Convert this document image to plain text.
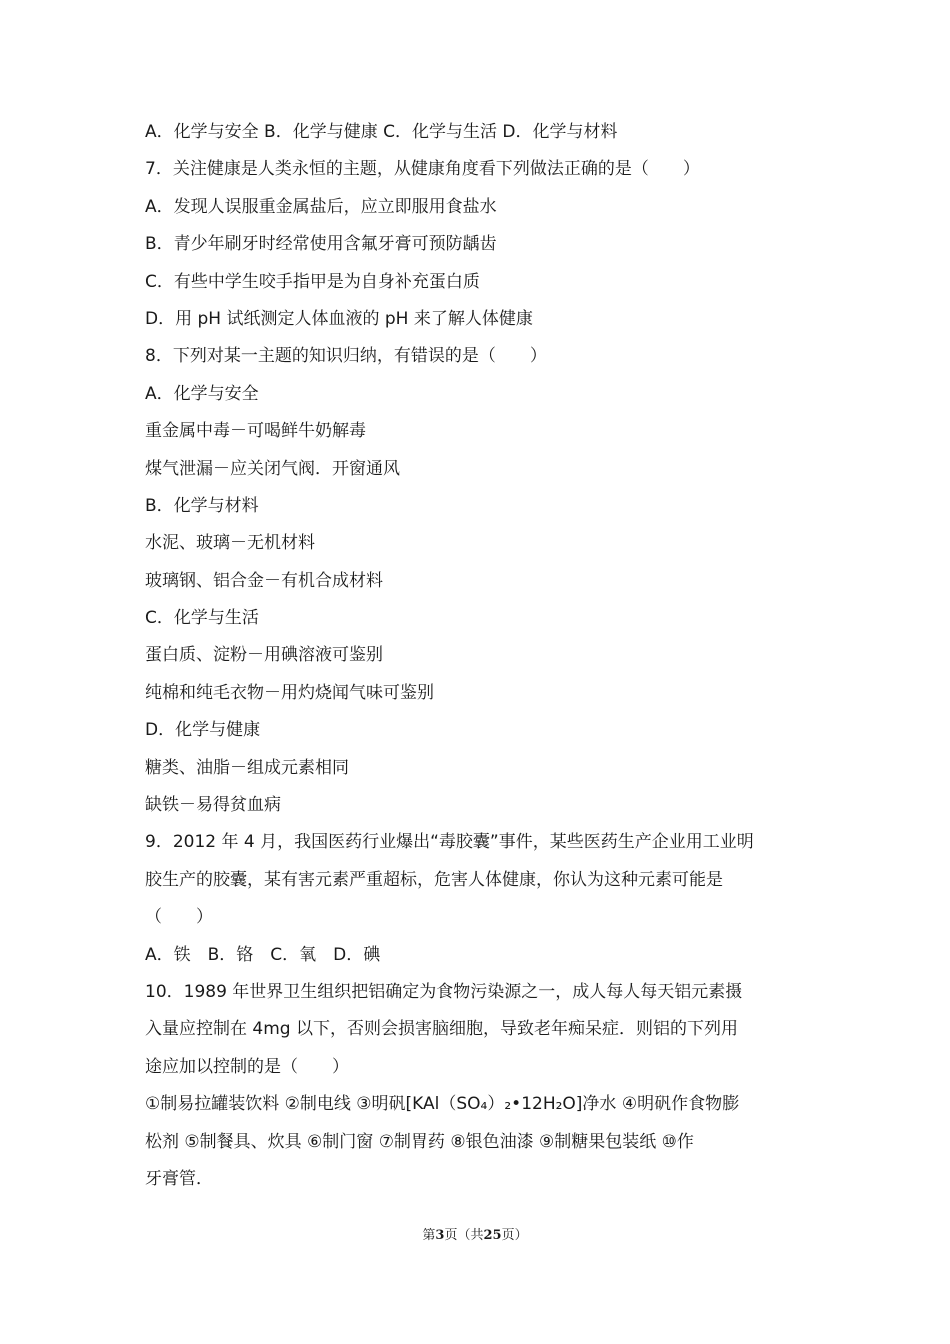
A．化学与安全 B．化学与健康 C．化学与生活 D．化学与材料
7．关注健康是人类永恒的主题，从健康角度看下列做法正确的是（　　）
A．发现人误服重金属盐后，应立即服用食盐水
B．青少年刷牙时经常使用含氟牙膏可预防龋齿
C．有些中学生咬手指甲是为自身补充蛋白质
D．用 pH 试纸测定人体血液的 pH 来了解人体健康
8．下列对某一主题的知识归纳，有错误的是（　　）
A．化学与安全
重金属中毒－可喝鲜牛奶解毒
煤气泄漏－应关闭气阀．开窗通风
B．化学与材料
水泥、玻璃－无机材料
玻璃钢、铝合金－有机合成材料
C．化学与生活
蛋白质、淀粉－用碘溶液可鉴别
纯棉和纯毛衣物－用灼烧闻气味可鉴别
D．化学与健康
糖类、油脂－组成元素相同
缺铁－易得贫血病
9．2012 年 4 月，我国医药行业爆出“毒胶囊”事件，某些医药生产企业用工业明
胶生产的胶囊，某有害元素严重超标，危害人体健康，你认为这种元素可能是
（　　）
A．铁　B．铬　C．氧　D．碘
10．1989 年世界卫生组织把铝确定为食物污染源之一，成人每人每天铝元素摄
入量应控制在 4mg 以下，否则会损害脑细胞，导致老年痴呆症．则铝的下列用
途应加以控制的是（　　）
①制易拉罐装饮料 ②制电线 ③明矾[KAl（SO₄）₂•12H₂O]净水 ④明矾作食物膨
松剂 ⑤制餐具、炊具 ⑥制门窗 ⑦制胃药 ⑧银色油漆 ⑨制糖果包装纸 ⑩作
牙膏管．
第3页（共25页）
